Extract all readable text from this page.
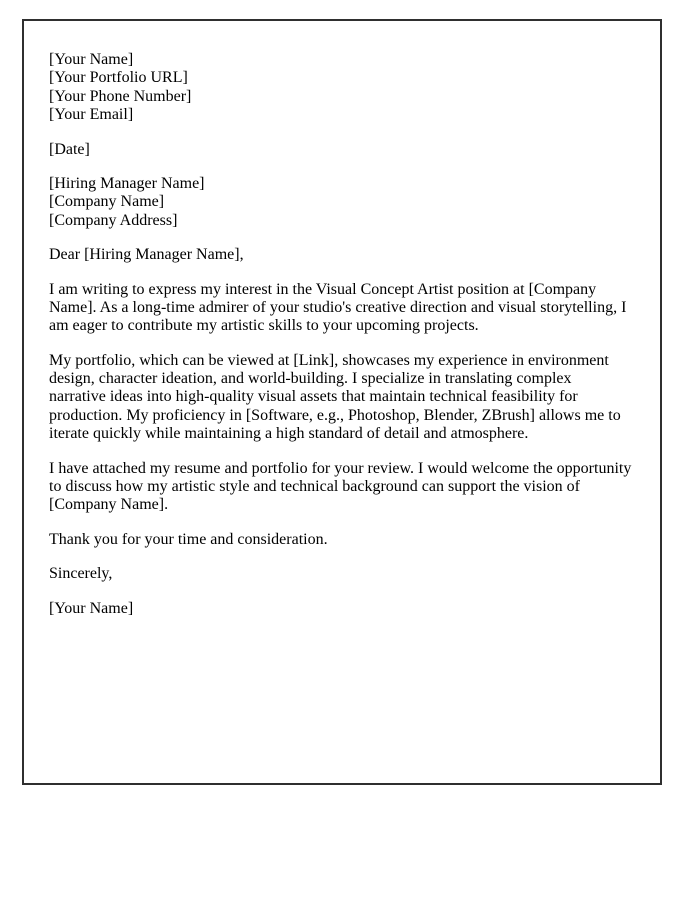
[Your Name]
[Your Portfolio URL]
[Your Phone Number]
[Your Email]
[Date]
[Hiring Manager Name]
[Company Name]
[Company Address]
Dear [Hiring Manager Name],
I am writing to express my interest in the Visual Concept Artist position at [Company Name]. As a long-time admirer of your studio's creative direction and visual storytelling, I am eager to contribute my artistic skills to your upcoming projects.
My portfolio, which can be viewed at [Link], showcases my experience in environment design, character ideation, and world-building. I specialize in translating complex narrative ideas into high-quality visual assets that maintain technical feasibility for production. My proficiency in [Software, e.g., Photoshop, Blender, ZBrush] allows me to iterate quickly while maintaining a high standard of detail and atmosphere.
I have attached my resume and portfolio for your review. I would welcome the opportunity to discuss how my artistic style and technical background can support the vision of [Company Name].
Thank you for your time and consideration.
Sincerely,
[Your Name]
